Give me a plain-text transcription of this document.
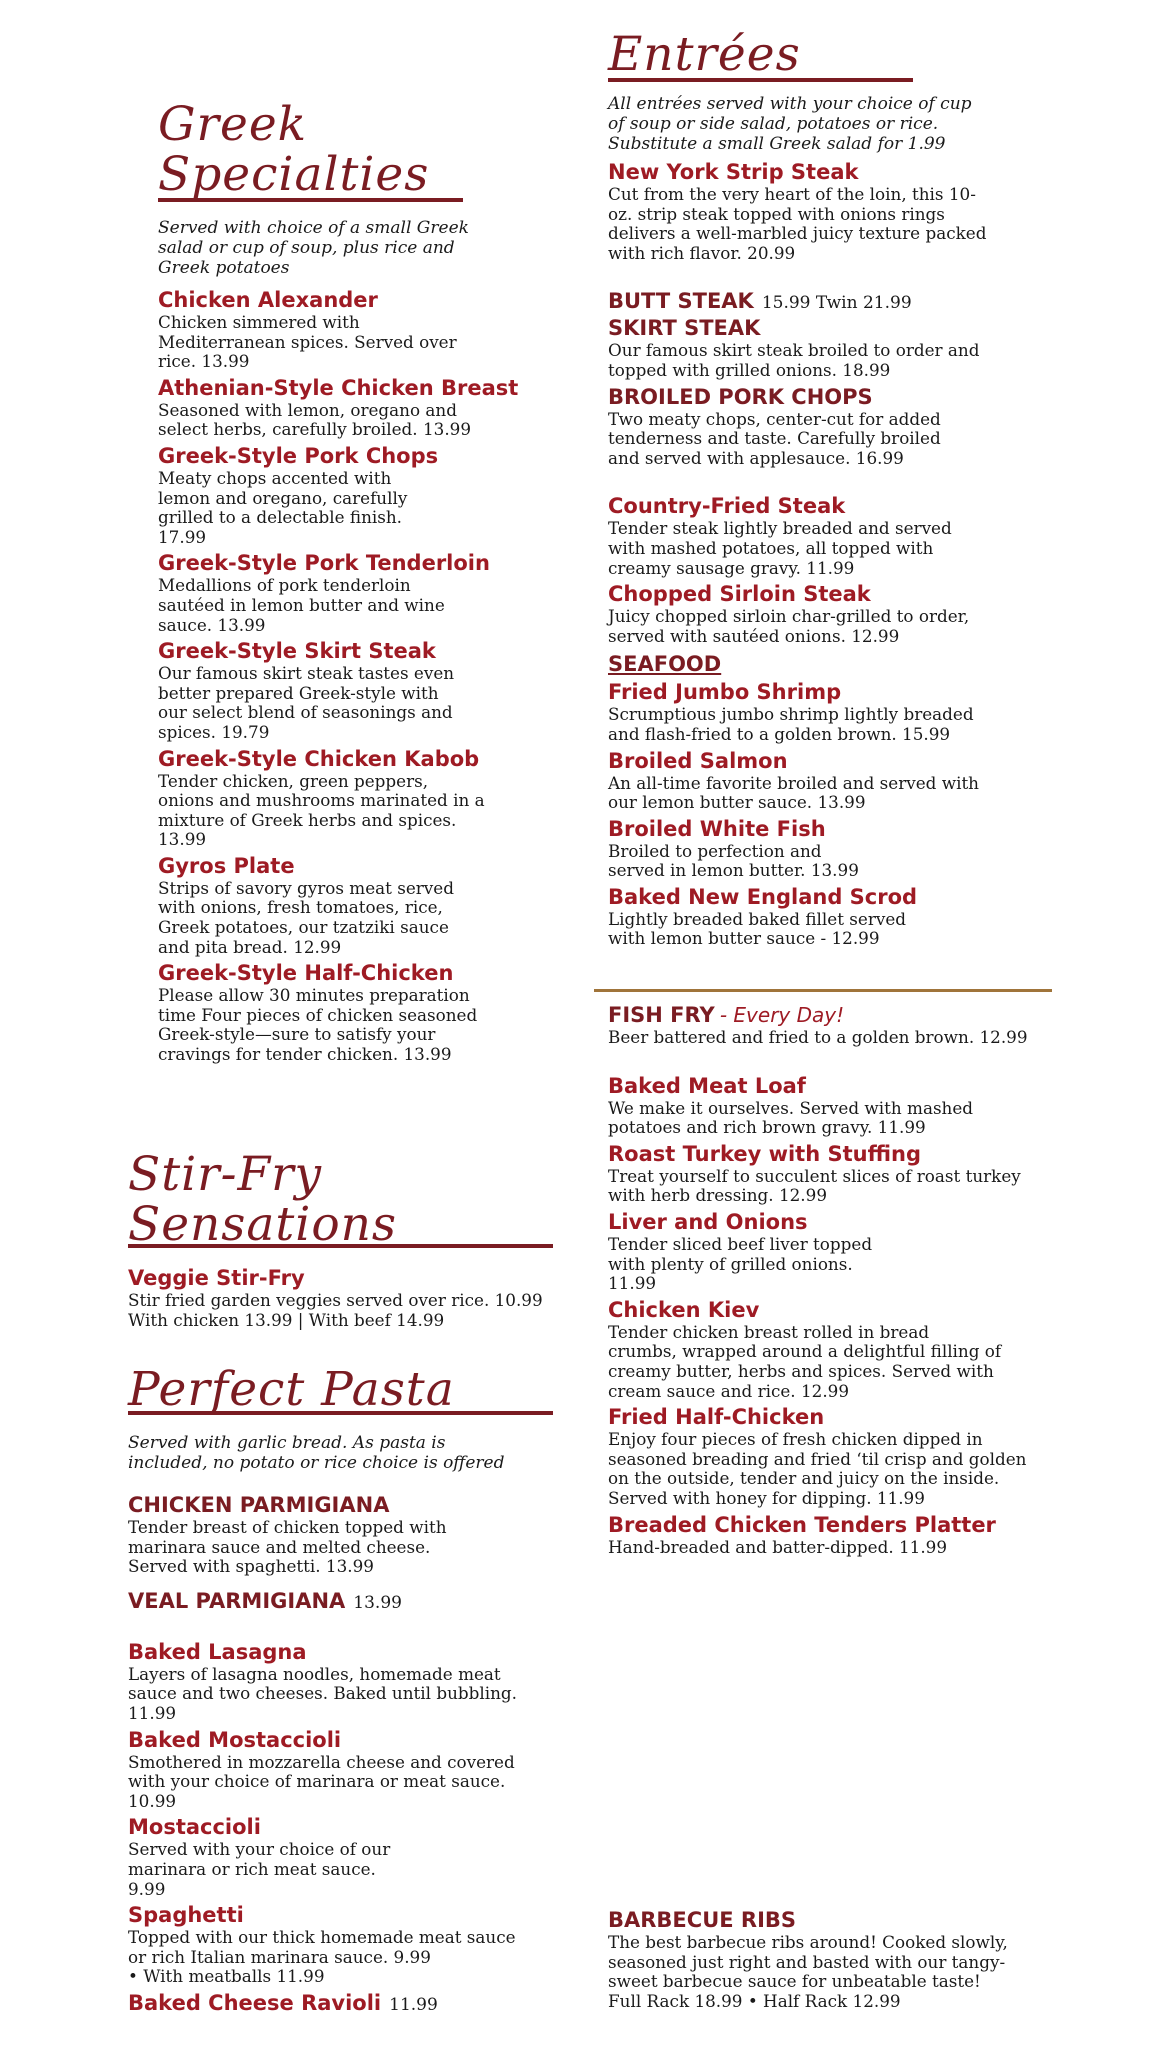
Greek

Specialties

Served with choice of a small Greek salad or cup of soup, plus rice and Greek potatoes

Chicken Alexander
Chicken simmered with Mediterranean spices. Served over rice. 13.99
Athenian-Style Chicken Breast
Seasoned with lemon, oregano and select herbs, carefully broiled. 13.99
Greek-Style Pork Chops
Meaty chops accented with lemon and oregano, carefully grilled to a delectable finish. 17.99
Greek-Style Pork Tenderloin
Medallions of pork tenderloin sautéed in lemon butter and wine sauce. 13.99
Greek-Style Skirt Steak
Our famous skirt steak tastes even better prepared Greek-style with our select blend of seasonings and spices. 19.79
Greek-Style Chicken Kabob
Tender chicken, green peppers, onions and mushrooms marinated in a mixture of Greek herbs and spices. 13.99
Gyros Plate
Strips of savory gyros meat served with onions, fresh tomatoes, rice, Greek potatoes, our tzatziki sauce and pita bread. 12.99
Greek-Style Half-Chicken
Please allow 30 minutes preparation time Four pieces of chicken seasoned Greek-style—sure to satisfy your cravings for tender chicken. 13.99

Stir-Fry

Sensations

Veggie Stir-Fry
Stir fried garden veggies served over rice. 10.99
With chicken 13.99 | With beef 14.99

Perfect Pasta

Served with garlic bread. As pasta is included, no potato or rice choice is offered

CHICKEN PARMIGIANA
Tender breast of chicken topped with marinara sauce and melted cheese. Served with spaghetti. 13.99
VEAL PARMIGIANA 13.99
Baked Lasagna
Layers of lasagna noodles, homemade meat sauce and two cheeses. Baked until bubbling. 11.99
Baked Mostaccioli
Smothered in mozzarella cheese and covered with your choice of marinara or meat sauce. 10.99
Mostaccioli
Served with your choice of our marinara or rich meat sauce. 9.99
Spaghetti
Topped with our thick homemade meat sauce or rich Italian marinara sauce. 9.99
• With meatballs 11.99
Baked Cheese Ravioli 11.99

Entrées

All entrées served with your choice of cup of soup or side salad, potatoes or rice. Substitute a small Greek salad for 1.99

New York Strip Steak
Cut from the very heart of the loin, this 10-oz. strip steak topped with onions rings delivers a well-marbled juicy texture packed with rich flavor. 20.99
BUTT STEAK 15.99 Twin 21.99
SKIRT STEAK
Our famous skirt steak broiled to order and topped with grilled onions. 18.99
BROILED PORK CHOPS
Two meaty chops, center-cut for added tenderness and taste. Carefully broiled and served with applesauce. 16.99
Country-Fried Steak
Tender steak lightly breaded and served with mashed potatoes, all topped with creamy sausage gravy. 11.99
Chopped Sirloin Steak
Juicy chopped sirloin char-grilled to order, served with sautéed onions. 12.99
SEAFOOD
Fried Jumbo Shrimp
Scrumptious jumbo shrimp lightly breaded and flash-fried to a golden brown. 15.99
Broiled Salmon
An all-time favorite broiled and served with our lemon butter sauce. 13.99
Broiled White Fish
Broiled to perfection and served in lemon butter. 13.99
Baked New England Scrod
Lightly breaded baked fillet served with lemon butter sauce - 12.99
FISH FRY - Every Day!
Beer battered and fried to a golden brown. 12.99
Baked Meat Loaf
We make it ourselves. Served with mashed potatoes and rich brown gravy. 11.99
Roast Turkey with Stuffing
Treat yourself to succulent slices of roast turkey with herb dressing. 12.99
Liver and Onions
Tender sliced beef liver topped with plenty of grilled onions. 11.99
Chicken Kiev
Tender chicken breast rolled in bread crumbs, wrapped around a delightful filling of creamy butter, herbs and spices. Served with cream sauce and rice. 12.99
Fried Half-Chicken
Enjoy four pieces of fresh chicken dipped in seasoned breading and fried ‘til crisp and golden on the outside, tender and juicy on the inside. Served with honey for dipping. 11.99
Breaded Chicken Tenders Platter
Hand-breaded and batter-dipped. 11.99
BARBECUE RIBS
The best barbecue ribs around! Cooked slowly, seasoned just right and basted with our tangy-sweet barbecue sauce for unbeatable taste!
Full Rack 18.99 • Half Rack 12.99
